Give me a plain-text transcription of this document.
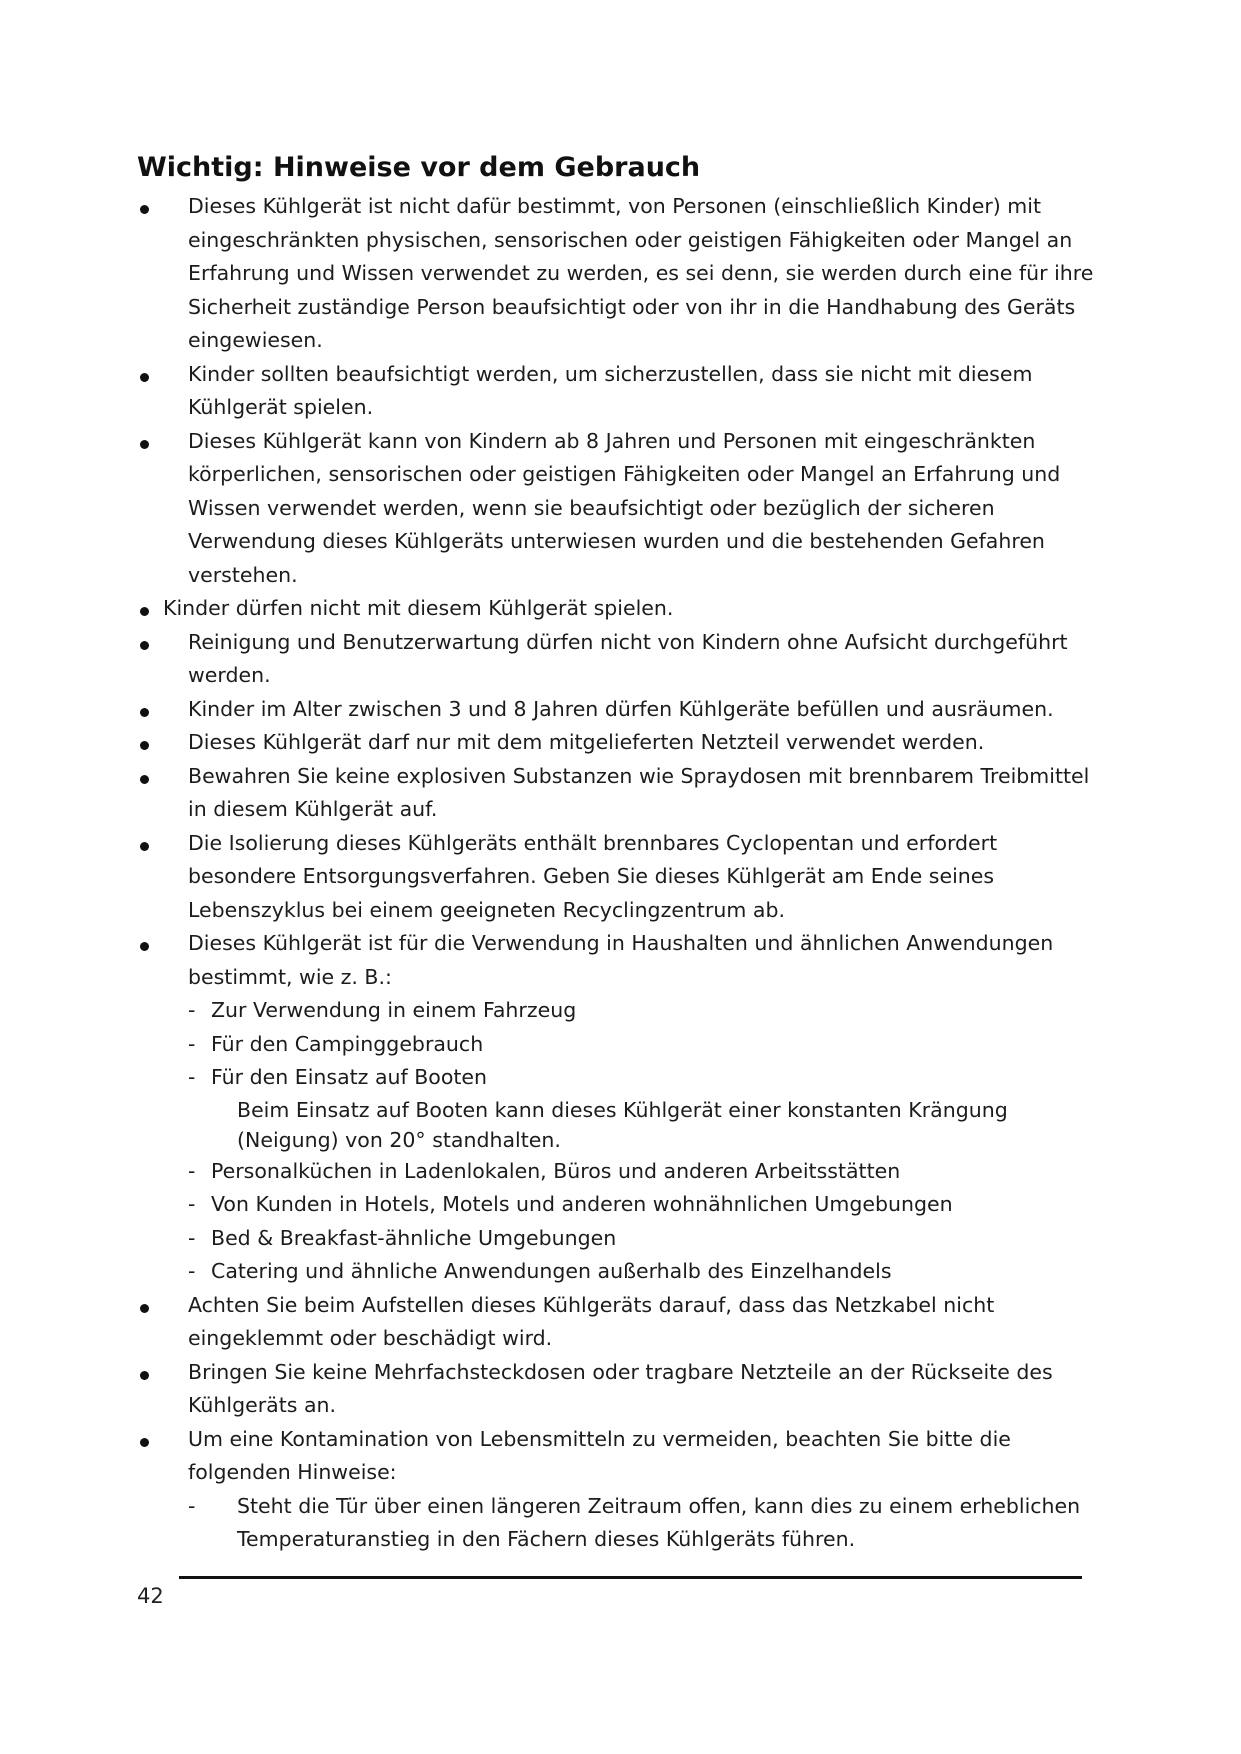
Wichtig: Hinweise vor dem Gebrauch
Dieses Kühlgerät ist nicht dafür bestimmt, von Personen (einschließlich Kinder) mit eingeschränkten physischen, sensorischen oder geistigen Fähigkeiten oder Mangel an Erfahrung und Wissen verwendet zu werden, es sei denn, sie werden durch eine für ihre Sicherheit zuständige Person beaufsichtigt oder von ihr in die Handhabung des Geräts eingewiesen.
Kinder sollten beaufsichtigt werden, um sicherzustellen, dass sie nicht mit diesem Kühlgerät spielen.
Dieses Kühlgerät kann von Kindern ab 8 Jahren und Personen mit eingeschränkten körperlichen, sensorischen oder geistigen Fähigkeiten oder Mangel an Erfahrung und Wissen verwendet werden, wenn sie beaufsichtigt oder bezüglich der sicheren Verwendung dieses Kühlgeräts unterwiesen wurden und die bestehenden Gefahren verstehen.
Kinder dürfen nicht mit diesem Kühlgerät spielen.
Reinigung und Benutzerwartung dürfen nicht von Kindern ohne Aufsicht durchgeführt werden.
Kinder im Alter zwischen 3 und 8 Jahren dürfen Kühlgeräte befüllen und ausräumen.
Dieses Kühlgerät darf nur mit dem mitgelieferten Netzteil verwendet werden.
Bewahren Sie keine explosiven Substanzen wie Spraydosen mit brennbarem Treibmittel in diesem Kühlgerät auf.
Die Isolierung dieses Kühlgeräts enthält brennbares Cyclopentan und erfordert besondere Entsorgungsverfahren. Geben Sie dieses Kühlgerät am Ende seines Lebenszyklus bei einem geeigneten Recyclingzentrum ab.
Dieses Kühlgerät ist für die Verwendung in Haushalten und ähnlichen Anwendungen bestimmt, wie z. B.:
- Zur Verwendung in einem Fahrzeug
- Für den Campinggebrauch
- Für den Einsatz auf Booten
Beim Einsatz auf Booten kann dieses Kühlgerät einer konstanten Krängung (Neigung) von 20° standhalten.
- Personalküchen in Ladenlokalen, Büros und anderen Arbeitsstätten
- Von Kunden in Hotels, Motels und anderen wohnähnlichen Umgebungen
- Bed & Breakfast-ähnliche Umgebungen
- Catering und ähnliche Anwendungen außerhalb des Einzelhandels
Achten Sie beim Aufstellen dieses Kühlgeräts darauf, dass das Netzkabel nicht eingeklemmt oder beschädigt wird.
Bringen Sie keine Mehrfachsteckdosen oder tragbare Netzteile an der Rückseite des Kühlgeräts an.
Um eine Kontamination von Lebensmitteln zu vermeiden, beachten Sie bitte die folgenden Hinweise:
- Steht die Tür über einen längeren Zeitraum offen, kann dies zu einem erheblichen Temperaturanstieg in den Fächern dieses Kühlgeräts führen.
42
